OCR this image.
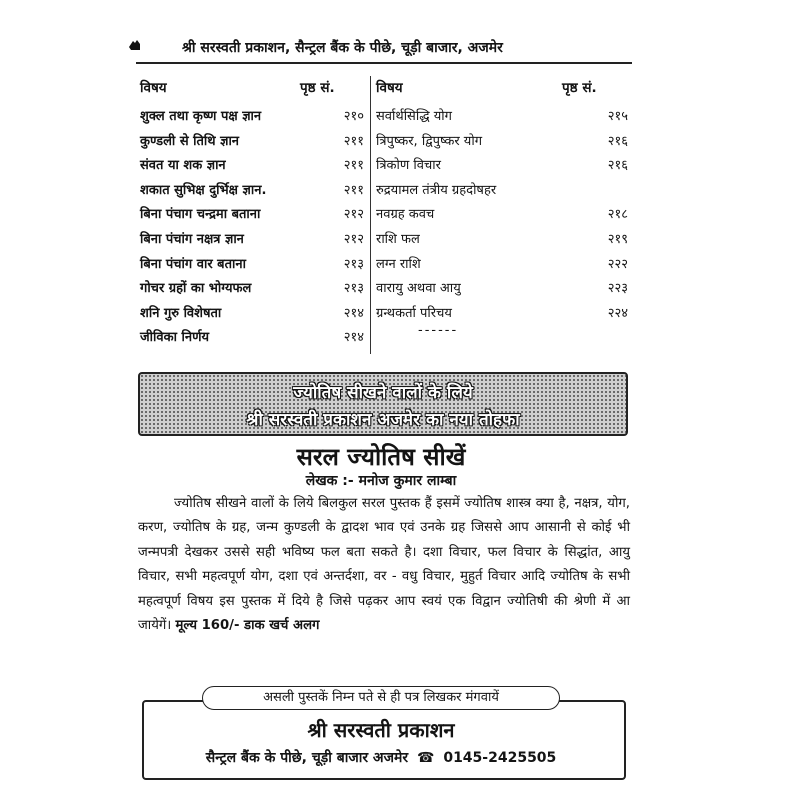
श्री सरस्वती प्रकाशन, सैन्ट्रल बैंक के पीछे, चूड़ी बाजार, अजमेर
विषय	पृष्ठ सं.	विषय	पृष्ठ सं.
शुक्ल तथा कृष्ण पक्ष ज्ञान	२१०
कुण्डली से तिथि ज्ञान	२११
संवत या शक ज्ञान	२११
शकात सुभिक्ष दुर्भिक्ष ज्ञान.	२११
बिना पंचाग चन्द्रमा बताना	२१२
बिना पंचांग नक्षत्र ज्ञान	२१२
बिना पंचांग वार बताना	२१३
गोचर ग्रहों का भोग्यफल	२१३
शनि गुरु विशेषता	२१४
जीविका निर्णय	२१४
सर्वार्थसिद्धि योग	२१५
त्रिपुष्कर, द्विपुष्कर योग	२१६
त्रिकोण विचार	२१६
रुद्रयामल तंत्रीय ग्रहदोषहर
नवग्रह कवच	२१८
राशि फल	२१९
लग्न राशि	२२२
वारायु अथवा आयु	२२३
ग्रन्थकर्ता परिचय	२२४
------
ज्योतिष सीखने वालों के लिये
श्री सरस्वती प्रकाशन अजमेर का नया तोहफा
सरल ज्योतिष सीखें
लेखक :- मनोज कुमार लाम्बा
ज्योतिष सीखने वालों के लिये बिलकुल सरल पुस्तक हैं इसमें ज्योतिष शास्त्र क्या है, नक्षत्र, योग, करण, ज्योतिष के ग्रह, जन्म कुण्डली के द्वादश भाव एवं उनके ग्रह जिससे आप आसानी से कोई भी जन्मपत्री देखकर उससे सही भविष्य फल बता सकते है। दशा विचार, फल विचार के सिद्धांत, आयु विचार, सभी महत्वपूर्ण योग, दशा एवं अन्तर्दशा, वर - वधु विचार, मुहुर्त विचार आदि ज्योतिष के सभी महत्वपूर्ण विषय इस पुस्तक में दिये है जिसे पढ़कर आप स्वयं एक विद्वान ज्योतिषी की श्रेणी में आ जायेगें। मूल्य 160/- डाक खर्च अलग
असली पुस्तकें निम्न पते से ही पत्र लिखकर मंगवायें
श्री सरस्वती प्रकाशन
सैन्ट्रल बैंक के पीछे, चूड़ी बाजार अजमेर ☎ 0145-2425505
